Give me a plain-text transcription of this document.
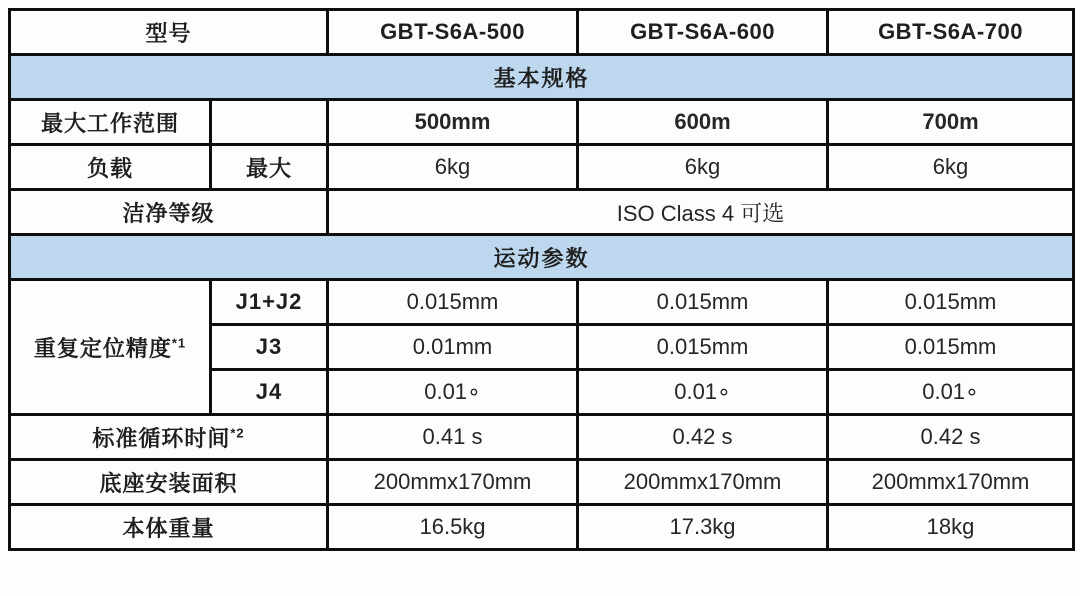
型号		GBT-S6A-500	GBT-S6A-600	GBT-S6A-700
基本规格				
最大工作范围		500mm	600m	700m
负载	最大	6kg	6kg	6kg
洁净等级		ISO Class 4 可选		
运动参数				
重复定位精度$^{*1}$	J1+J2	0.015mm	0.015mm	0.015mm
	J3	0.01mm	0.015mm	0.015mm
	J4	0.01∘	0.01∘	0.01∘
标准循环时间$^{*2}$		0.41 s	0.42 s	0.42 s
底座安装面积		200mmx170mm	200mmx170mm	200mmx170mm
本体重量		16.5kg	17.3kg	18kg
